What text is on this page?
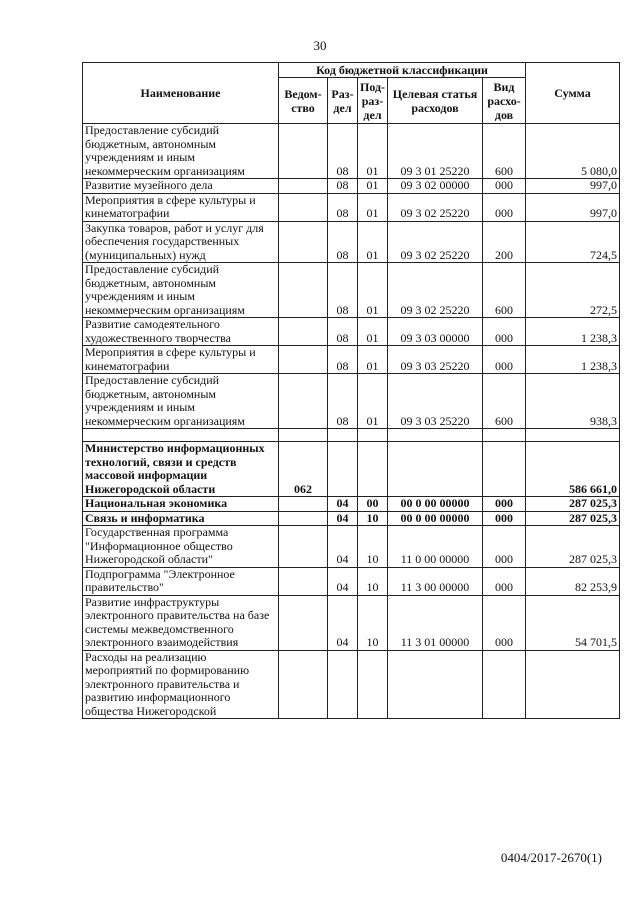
30
Наименование	Код бюджетной классификации					Сумма
	Ведом-ство	Раз-дел	Под-раз-дел	Целевая статья расходов	Вид расхо-дов	
Предоставление субсидий бюджетным, автономным учреждениям и иным некоммерческим организациям		08	01	09 3 01 25220	600	5 080,0
Развитие музейного дела		08	01	09 3 02 00000	000	997,0
Мероприятия в сфере культуры и кинематографии		08	01	09 3 02 25220	000	997,0
Закупка товаров, работ и услуг для обеспечения государственных (муниципальных) нужд		08	01	09 3 02 25220	200	724,5
Предоставление субсидий бюджетным, автономным учреждениям и иным некоммерческим организациям		08	01	09 3 02 25220	600	272,5
Развитие самодеятельного художественного творчества		08	01	09 3 03 00000	000	1 238,3
Мероприятия в сфере культуры и кинематографии		08	01	09 3 03 25220	000	1 238,3
Предоставление субсидий бюджетным, автономным учреждениям и иным некоммерческим организациям		08	01	09 3 03 25220	600	938,3

Министерство информационных технологий, связи и средств массовой информации Нижегородской области	062					586 661,0
Национальная экономика		04	00	00 0 00 00000	000	287 025,3
Связь и информатика		04	10	00 0 00 00000	000	287 025,3
Государственная программа "Информационное общество Нижегородской области"		04	10	11 0 00 00000	000	287 025,3
Подпрограмма "Электронное правительство"		04	10	11 3 00 00000	000	82 253,9
Развитие инфраструктуры электронного правительства на базе системы межведомственного электронного взаимодействия		04	10	11 3 01 00000	000	54 701,5
Расходы на реализацию мероприятий по формированию электронного правительства и развитию информационного общества Нижегородской						
0404/2017-2670(1)
